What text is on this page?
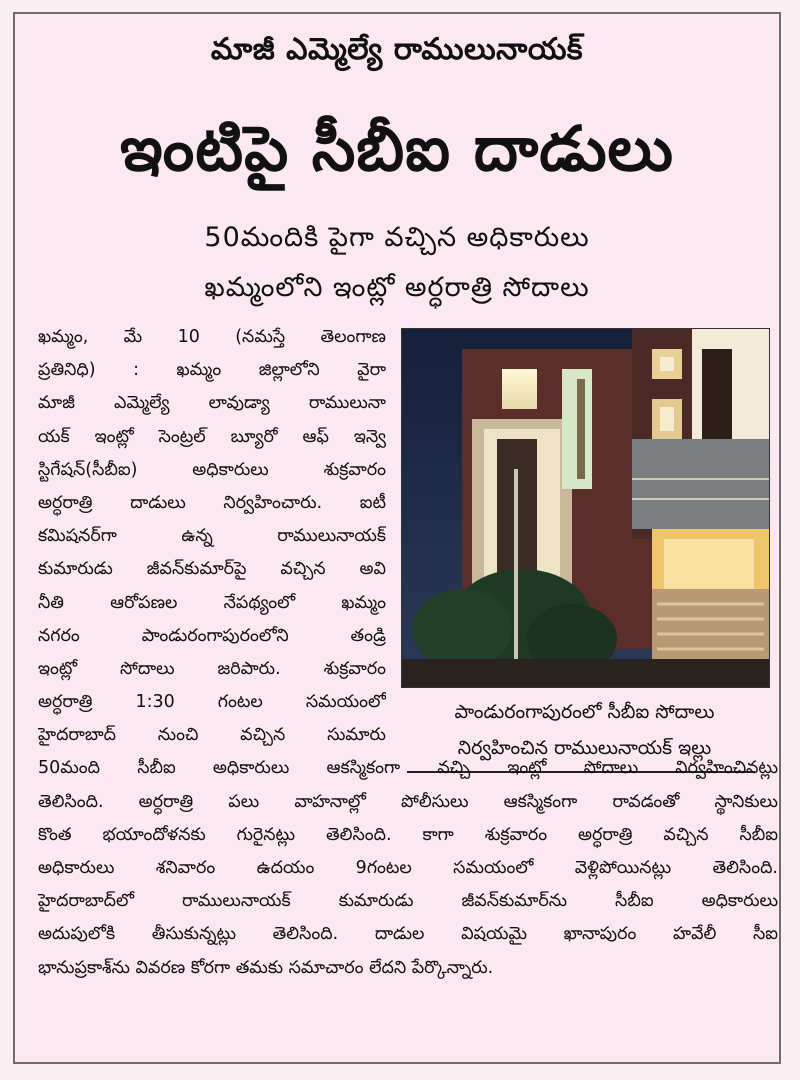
మాజీ ఎమ్మెల్యే రాములునాయక్
ఇంటిపై సీబీఐ దాడులు
50మందికి పైగా వచ్చిన అధికారులు
ఖమ్మంలోని ఇంట్లో అర్ధరాత్రి సోదాలు
పాండురంగాపురంలో సీబీఐ సోదాలు
నిర్వహించిన రాములునాయక్ ఇల్లు
ఖమ్మం, మే 10 (నమస్తే తెలంగాణ
ప్రతినిధి) : ఖమ్మం జిల్లాలోని వైరా
మాజీ ఎమ్మెల్యే లావుడ్యా రాములునా
యక్ ఇంట్లో సెంట్రల్ బ్యూరో ఆఫ్ ఇన్వె
స్టిగేషన్(సీబీఐ) అధికారులు శుక్రవారం
అర్ధరాత్రి దాడులు నిర్వహించారు. ఐటీ
కమిషనర్‌గా ఉన్న రాములునాయక్
కుమారుడు జీవన్‌కుమార్‌పై వచ్చిన అవి
నీతి ఆరోపణల నేపథ్యంలో ఖమ్మం
నగరం పాండురంగాపురంలోని తండ్రి
ఇంట్లో సోదాలు జరిపారు. శుక్రవారం
అర్ధరాత్రి 1:30 గంటల సమయంలో
హైదరాబాద్ నుంచి వచ్చిన సుమారు
50మంది సీబీఐ అధికారులు ఆకస్మికంగా వచ్చి ఇంట్లో సోదాలు నిర్వహించినట్లు
తెలిసింది. అర్ధరాత్రి పలు వాహనాల్లో పోలీసులు ఆకస్మికంగా రావడంతో స్థానికులు
కొంత భయాందోళనకు గురైనట్లు తెలిసింది. కాగా శుక్రవారం అర్ధరాత్రి వచ్చిన సీబీఐ
అధికారులు శనివారం ఉదయం 9గంటల సమయంలో వెళ్లిపోయినట్లు తెలిసింది.
హైదరాబాద్‌లో రాములునాయక్ కుమారుడు జీవన్‌కుమార్‌ను సీబీఐ అధికారులు
అదుపులోకి తీసుకున్నట్లు తెలిసింది. దాడుల విషయమై ఖానాపురం హవేలీ సీఐ
భానుప్రకాశ్‌ను వివరణ కోరగా తమకు సమాచారం లేదని పేర్కొన్నారు.
